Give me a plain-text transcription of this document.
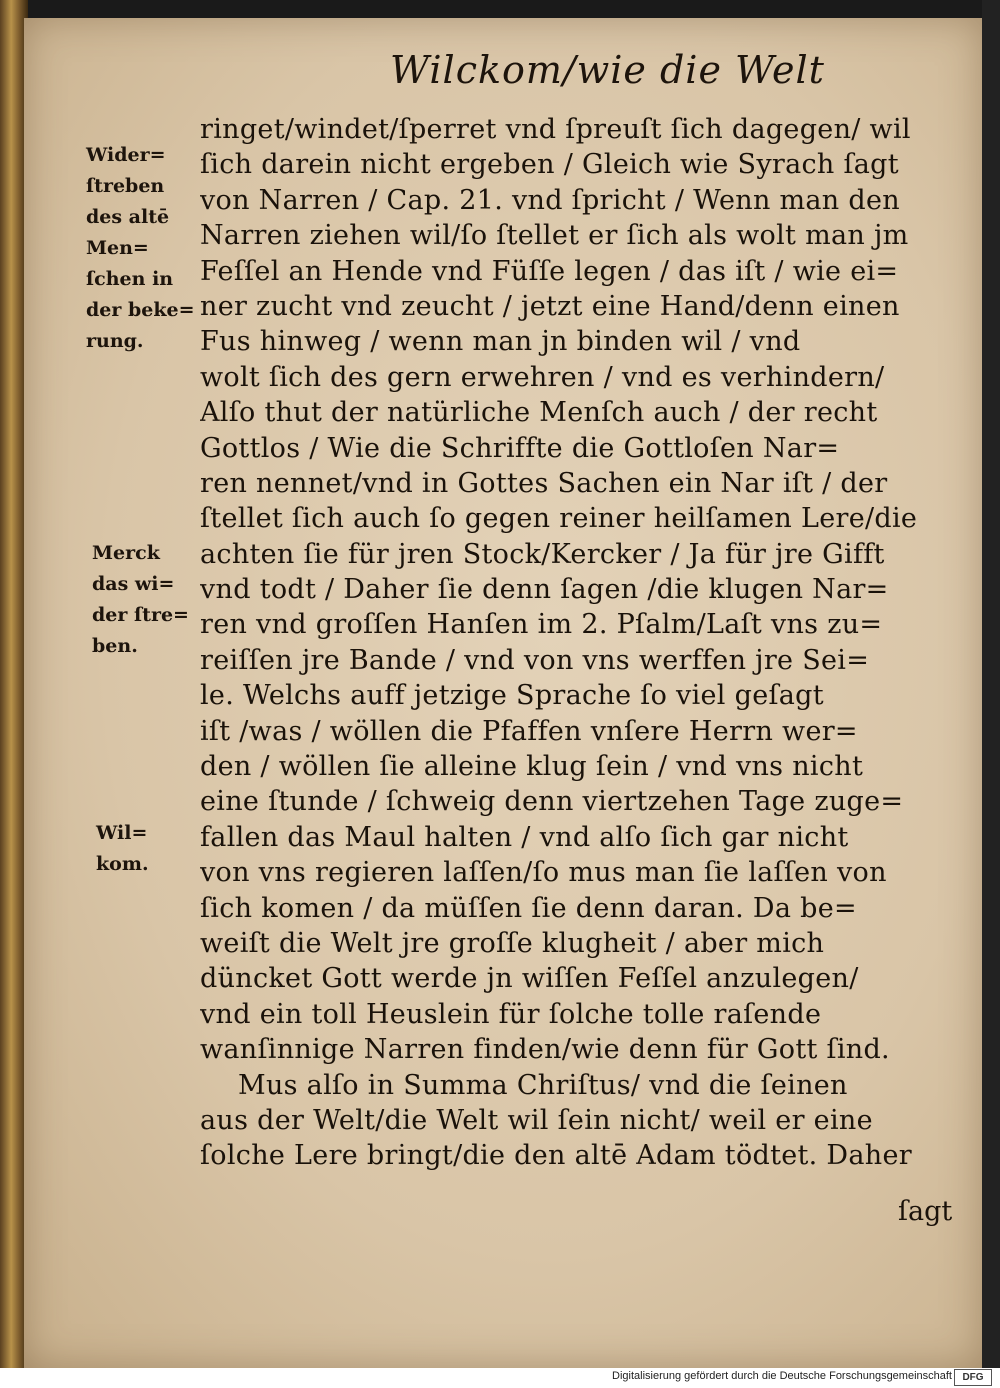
Wilckom/wie die Welt
Wider=
ſtreben
des altē
Men=
ſchen in
der beke=
rung.
Merck
das wi=
der ſtre=
ben.
Wil=
kom.
ringet/windet/ſperret vnd ſpreuſt ſich dagegen/ wil
ſich darein nicht ergeben / Gleich wie Syrach ſagt
von Narren / Cap. 21. vnd ſpricht / Wenn man den
Narren ziehen wil/ſo ſtellet er ſich als wolt man jm
Feſſel an Hende vnd Füſſe legen / das iſt / wie ei=
ner zucht vnd zeucht / jetzt eine Hand/denn einen
Fus hinweg / wenn man jn binden wil / vnd
wolt ſich des gern erwehren / vnd es verhindern/
Alſo thut der natürliche Menſch auch / der recht
Gottlos / Wie die Schriffte die Gottloſen Nar=
ren nennet/vnd in Gottes Sachen ein Nar iſt / der
ſtellet ſich auch ſo gegen reiner heilſamen Lere/die
achten ſie für jren Stock/Kercker / Ja für jre Gifft
vnd todt / Daher ſie denn ſagen /die klugen Nar=
ren vnd groſſen Hanſen im 2. Pſalm/Laſt vns zu=
reiſſen jre Bande / vnd von vns werffen jre Sei=
le. Welchs auff jetzige Sprache ſo viel geſagt
iſt /was / wöllen die Pfaffen vnſere Herrn wer=
den / wöllen ſie alleine klug ſein / vnd vns nicht
eine ſtunde / ſchweig denn viertzehen Tage zuge=
fallen das Maul halten / vnd alſo ſich gar nicht
von vns regieren laſſen/ſo mus man ſie laſſen von
ſich komen / da müſſen ſie denn daran. Da be=
weiſt die Welt jre groſſe klugheit / aber mich
düncket Gott werde jn wiſſen Feſſel anzulegen/
vnd ein toll Heuslein für ſolche tolle raſende
wanſinnige Narren finden/wie denn für Gott ſind.
Mus alſo in Summa Chriſtus/ vnd die ſeinen
aus der Welt/die Welt wil ſein nicht/ weil er eine
ſolche Lere bringt/die den altē Adam tödtet. Daher
ſagt
Digitalisierung gefördert durch die Deutsche Forschungsgemeinschaft	DFG
